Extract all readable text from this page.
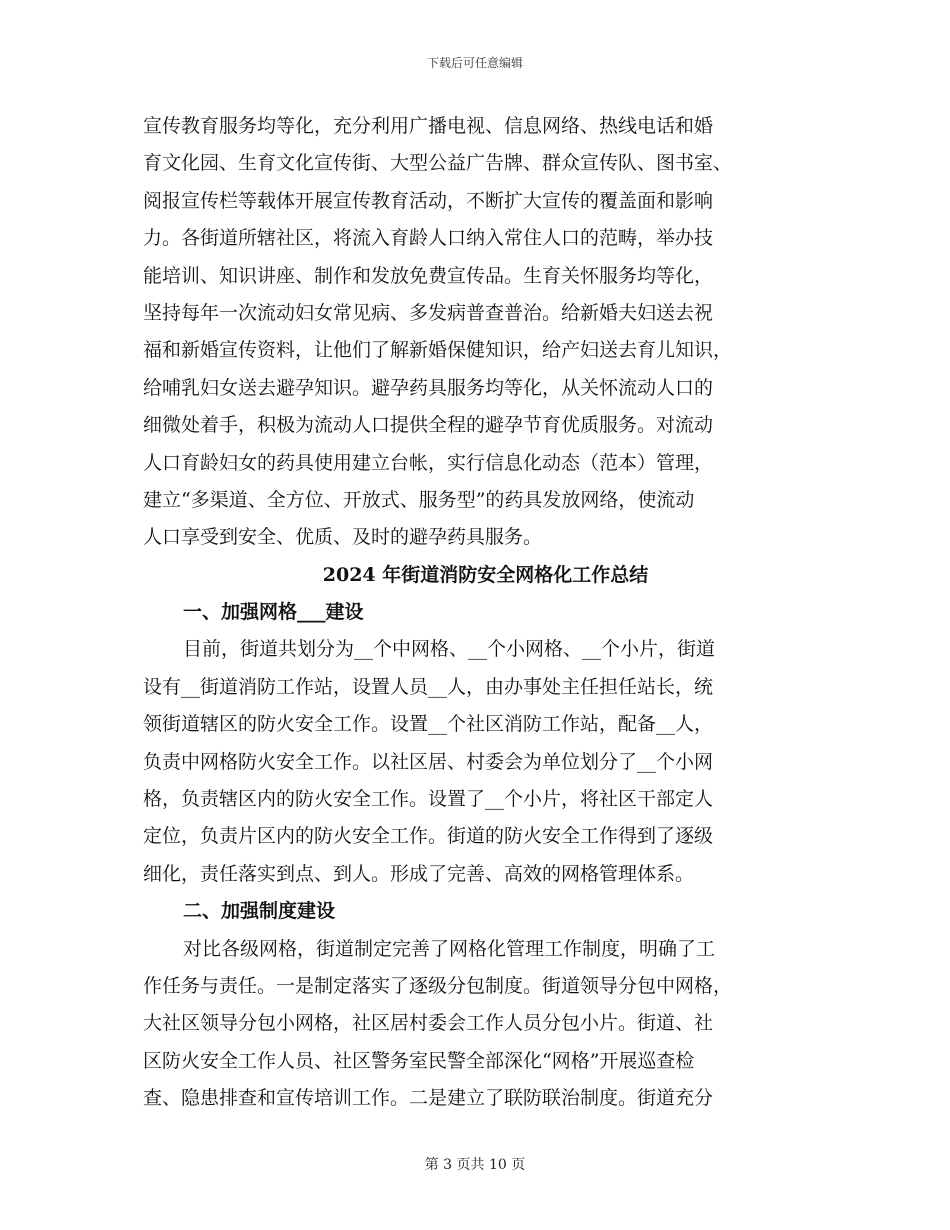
下载后可任意编辑
宣传教育服务均等化，充分利用广播电视、信息网络、热线电话和婚
育文化园、生育文化宣传街、大型公益广告牌、群众宣传队、图书室、
阅报宣传栏等载体开展宣传教育活动，不断扩大宣传的覆盖面和影响
力。各街道所辖社区，将流入育龄人口纳入常住人口的范畴，举办技
能培训、知识讲座、制作和发放免费宣传品。生育关怀服务均等化，
坚持每年一次流动妇女常见病、多发病普查普治。给新婚夫妇送去祝
福和新婚宣传资料，让他们了解新婚保健知识，给产妇送去育儿知识，
给哺乳妇女送去避孕知识。避孕药具服务均等化，从关怀流动人口的
细微处着手，积极为流动人口提供全程的避孕节育优质服务。对流动
人口育龄妇女的药具使用建立台帐，实行信息化动态（范本）管理，
建立“多渠道、全方位、开放式、服务型”的药具发放网络，使流动
人口享受到安全、优质、及时的避孕药具服务。
2024 年街道消防安全网格化工作总结
一、加强网格___建设
目前，街道共划分为__个中网格、__个小网格、__个小片，街道
设有__街道消防工作站，设置人员__人，由办事处主任担任站长，统
领街道辖区的防火安全工作。设置__个社区消防工作站，配备__人，
负责中网格防火安全工作。以社区居、村委会为单位划分了__个小网
格，负责辖区内的防火安全工作。设置了__个小片，将社区干部定人
定位，负责片区内的防火安全工作。街道的防火安全工作得到了逐级
细化，责任落实到点、到人。形成了完善、高效的网格管理体系。
二、加强制度建设
对比各级网格，街道制定完善了网格化管理工作制度，明确了工
作任务与责任。一是制定落实了逐级分包制度。街道领导分包中网格，
大社区领导分包小网格，社区居村委会工作人员分包小片。街道、社
区防火安全工作人员、社区警务室民警全部深化“网格”开展巡查检
查、隐患排查和宣传培训工作。二是建立了联防联治制度。街道充分
第 3 页共 10 页
